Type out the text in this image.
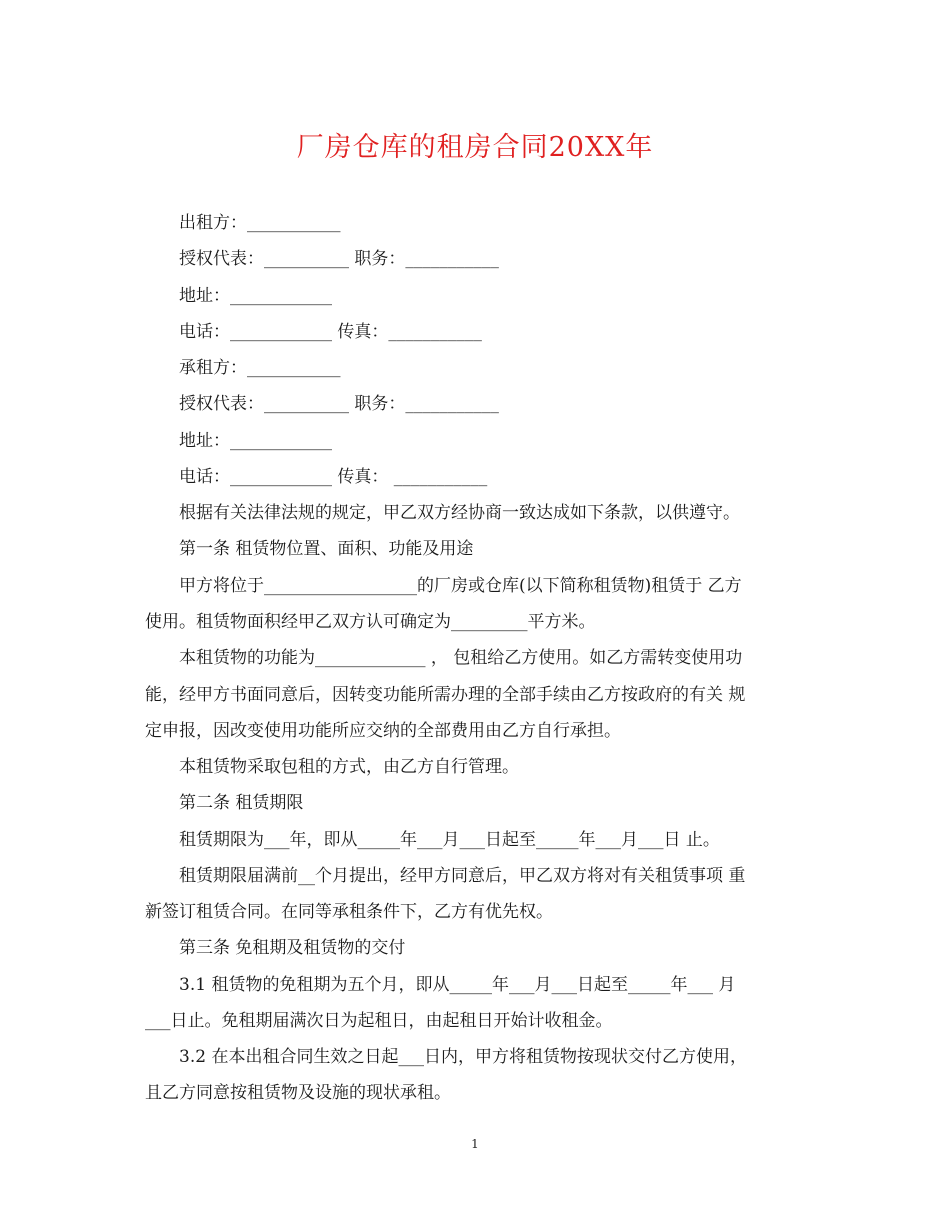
厂房仓库的租房合同20XX年
出租方：___________
授权代表：__________ 职务：___________
地址：____________
电话：____________ 传真：___________
承租方：___________
授权代表：__________ 职务：___________
地址：____________
电话：____________ 传真： ___________
根据有关法律法规的规定，甲乙双方经协商一致达成如下条款，以供遵守。
第一条 租赁物位置、面积、功能及用途
甲方将位于__________________的厂房或仓库(以下简称租赁物)租赁于 乙方
使用。租赁物面积经甲乙双方认可确定为_________平方米。
本租赁物的功能为_____________ ， 包租给乙方使用。如乙方需转变使用功
能，经甲方书面同意后，因转变功能所需办理的全部手续由乙方按政府的有关 规
定申报，因改变使用功能所应交纳的全部费用由乙方自行承担。
本租赁物采取包租的方式，由乙方自行管理。
第二条 租赁期限
租赁期限为___年，即从_____年___月___日起至_____年___月___日 止。
租赁期限届满前__个月提出，经甲方同意后，甲乙双方将对有关租赁事项 重
新签订租赁合同。在同等承租条件下，乙方有优先权。
第三条 免租期及租赁物的交付
3.1 租赁物的免租期为五个月，即从_____年___月___日起至_____年___ 月
___日止。免租期届满次日为起租日，由起租日开始计收租金。
3.2 在本出租合同生效之日起___日内，甲方将租赁物按现状交付乙方使用，
且乙方同意按租赁物及设施的现状承租。
1
